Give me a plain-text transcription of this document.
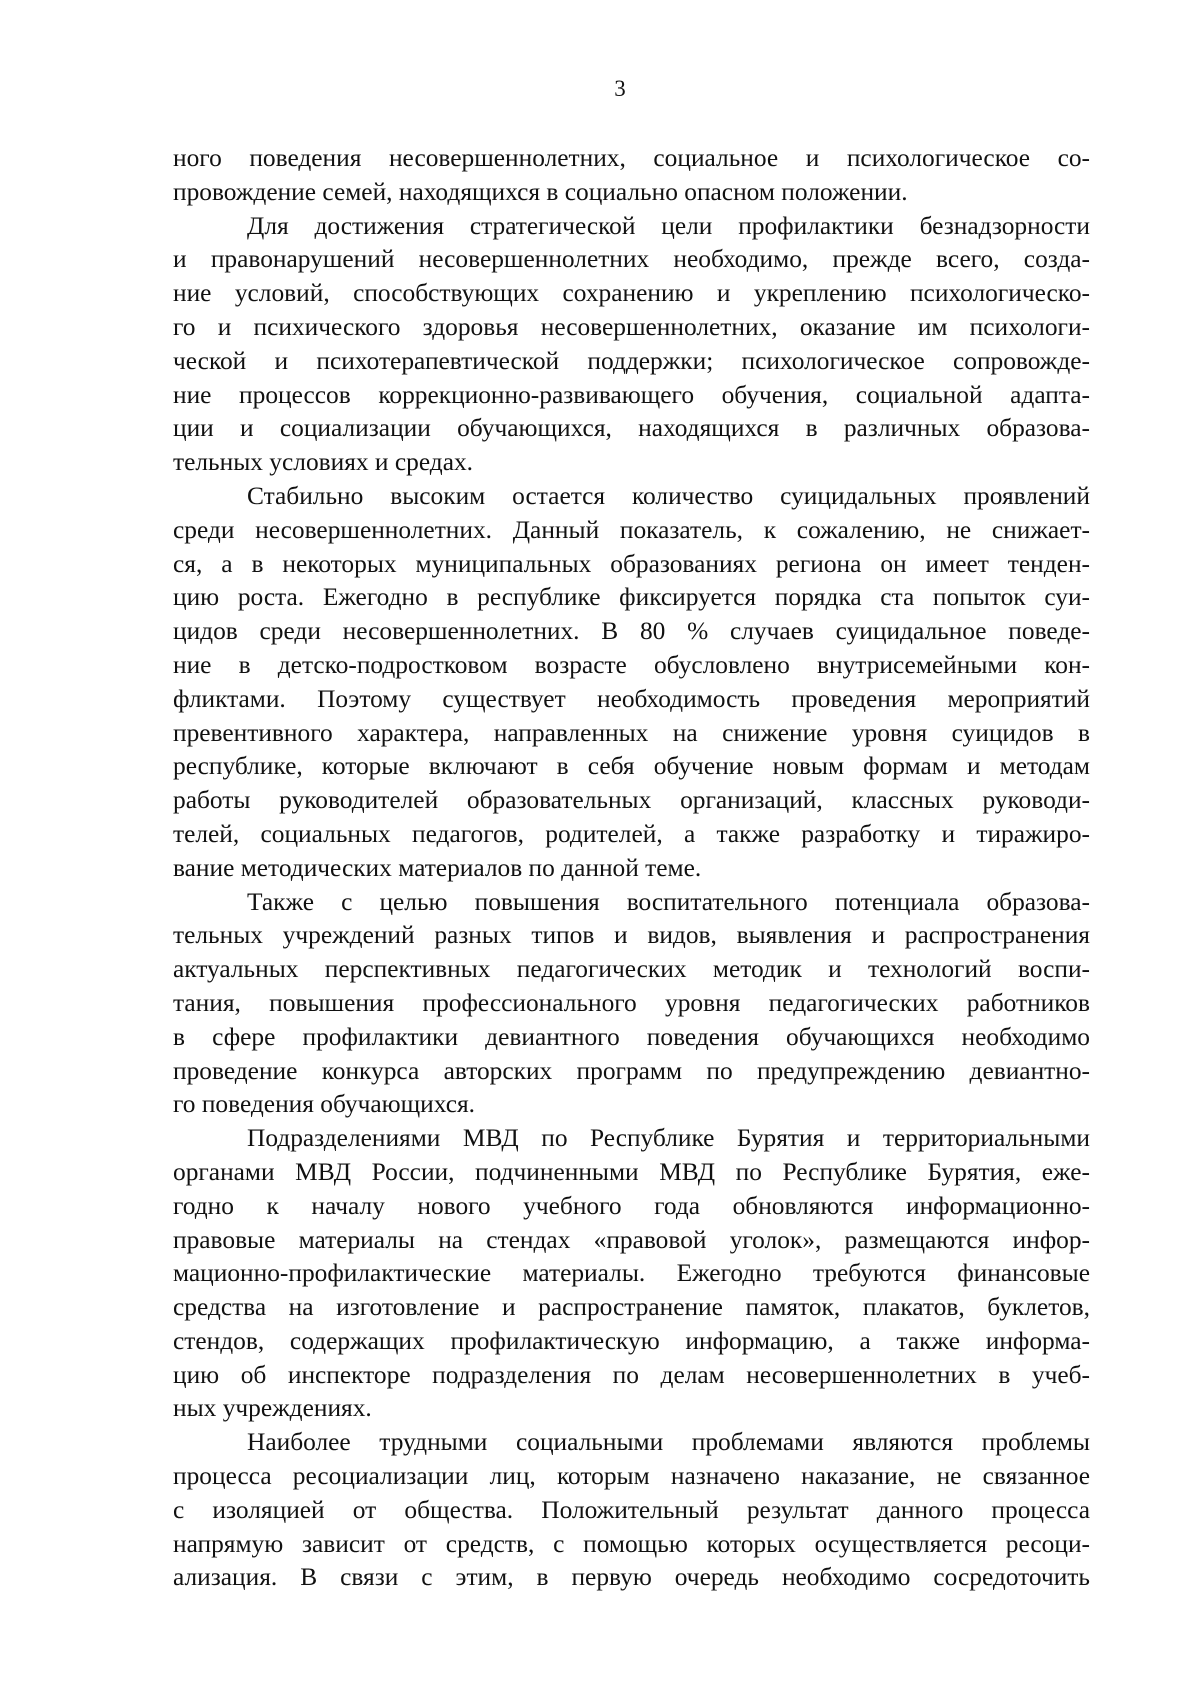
3
ного поведения несовершеннолетних, социальное и психологическое со-
провождение семей, находящихся в социально опасном положении.
Для достижения стратегической цели профилактики безнадзорности
и правонарушений несовершеннолетних необходимо, прежде всего, созда-
ние условий, способствующих сохранению и укреплению психологическо-
го и психического здоровья несовершеннолетних, оказание им психологи-
ческой и психотерапевтической поддержки; психологическое сопровожде-
ние процессов коррекционно-развивающего обучения, социальной адапта-
ции и социализации обучающихся, находящихся в различных образова-
тельных условиях и средах.
Стабильно высоким остается количество суицидальных проявлений
среди несовершеннолетних. Данный показатель, к сожалению, не снижает-
ся, а в некоторых муниципальных образованиях региона он имеет тенден-
цию роста. Ежегодно в республике фиксируется порядка ста попыток суи-
цидов среди несовершеннолетних. В 80 % случаев суицидальное поведе-
ние в детско-подростковом возрасте обусловлено внутрисемейными кон-
фликтами. Поэтому существует необходимость проведения мероприятий
превентивного характера, направленных на снижение уровня суицидов в
республике, которые включают в себя обучение новым формам и методам
работы руководителей образовательных организаций, классных руководи-
телей, социальных педагогов, родителей, а также разработку и тиражиро-
вание методических материалов по данной теме.
Также с целью повышения воспитательного потенциала образова-
тельных учреждений разных типов и видов, выявления и распространения
актуальных перспективных педагогических методик и технологий воспи-
тания, повышения профессионального уровня педагогических работников
в сфере профилактики девиантного поведения обучающихся необходимо
проведение конкурса авторских программ по предупреждению девиантно-
го поведения обучающихся.
Подразделениями МВД по Республике Бурятия и территориальными
органами МВД России, подчиненными МВД по Республике Бурятия, еже-
годно к началу нового учебного года обновляются информационно-
правовые материалы на стендах «правовой уголок», размещаются инфор-
мационно-профилактические материалы. Ежегодно требуются финансовые
средства на изготовление и распространение памяток, плакатов, буклетов,
стендов, содержащих профилактическую информацию, а также информа-
цию об инспекторе подразделения по делам несовершеннолетних в учеб-
ных учреждениях.
Наиболее трудными социальными проблемами являются проблемы
процесса ресоциализации лиц, которым назначено наказание, не связанное
с изоляцией от общества. Положительный результат данного процесса
напрямую зависит от средств, с помощью которых осуществляется ресоци-
ализация. В связи с этим, в первую очередь необходимо сосредоточить
